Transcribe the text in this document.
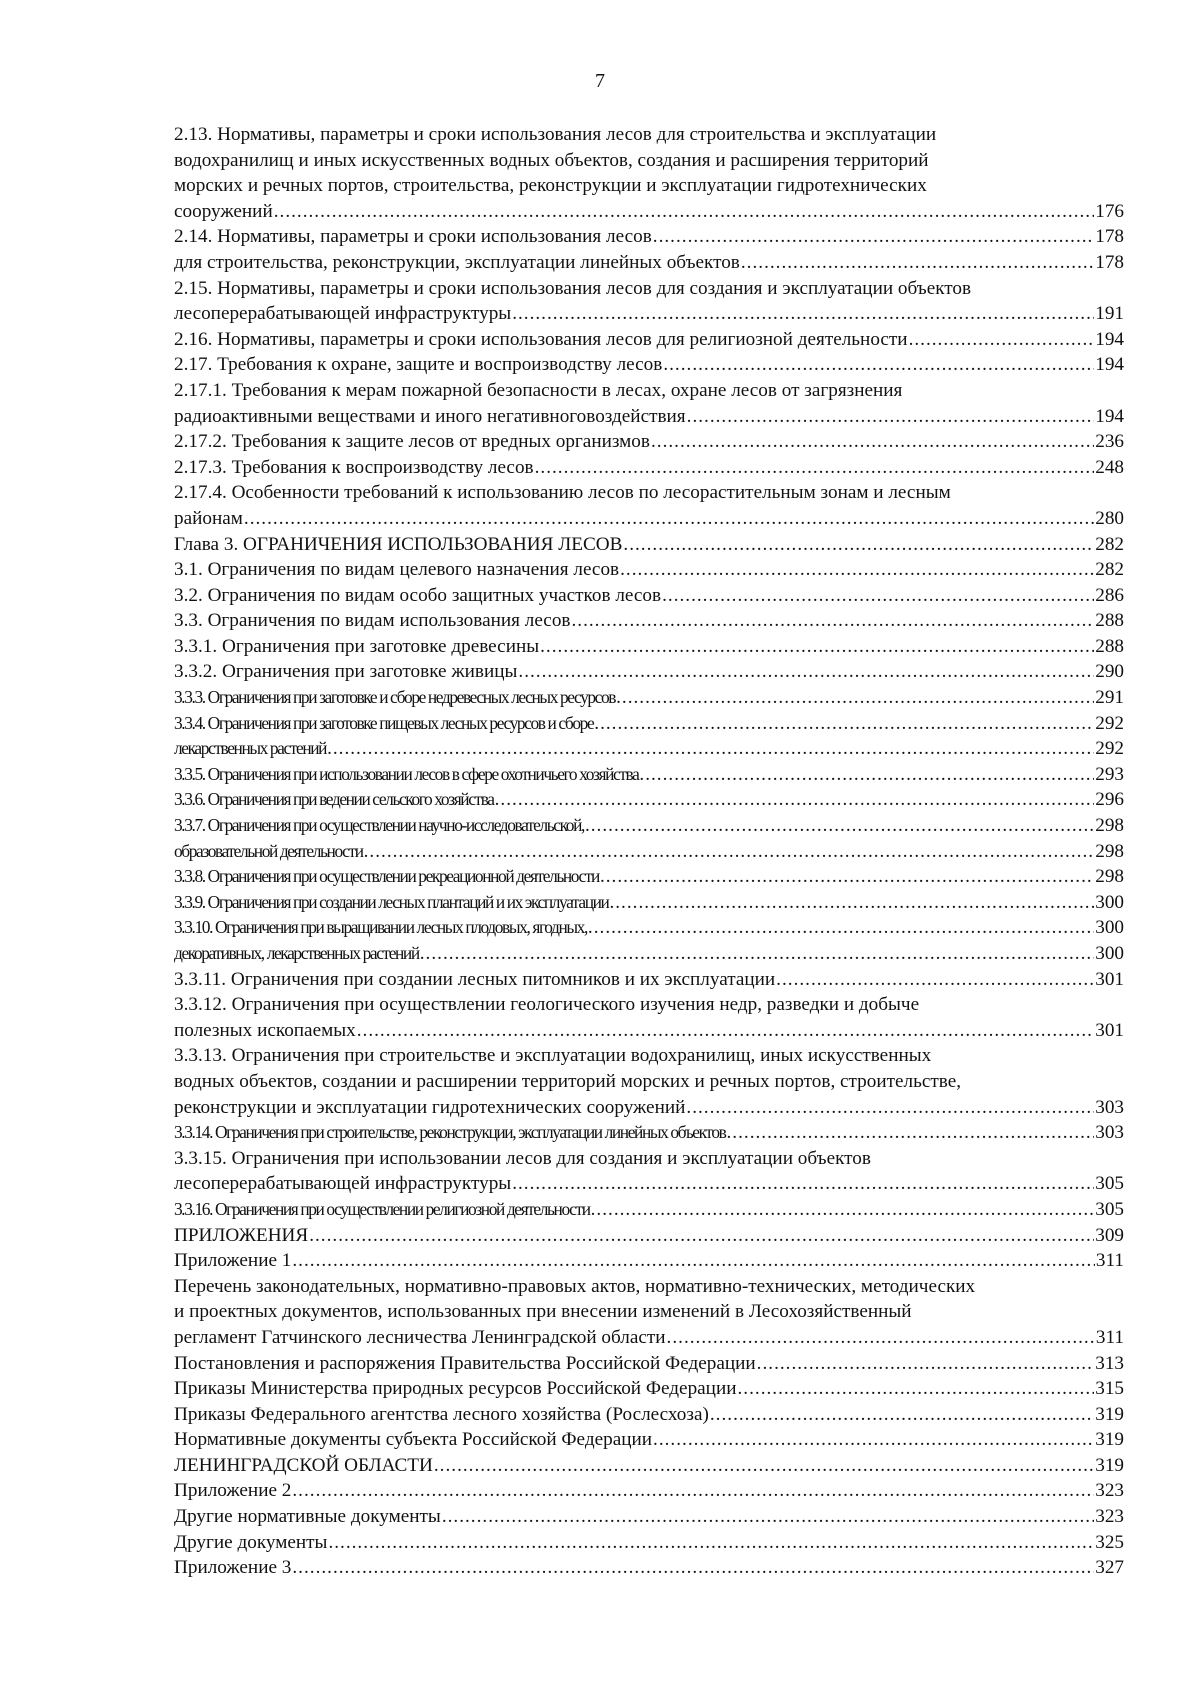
7
2.13. Нормативы, параметры и сроки использования лесов для строительства и эксплуатации
водохранилищ и иных искусственных водных объектов, создания и расширения территорий
морских и речных портов, строительства, реконструкции и эксплуатации гидротехнических
сооружений .....	176
2.14. Нормативы, параметры и сроки использования лесов .....	178
для строительства, реконструкции, эксплуатации линейных объектов .....	178
2.15. Нормативы, параметры и сроки использования лесов для создания и эксплуатации объектов
лесоперерабатывающей инфраструктуры .....	191
2.16. Нормативы, параметры и сроки использования лесов для религиозной деятельности .....	194
2.17. Требования к охране, защите и воспроизводству лесов .....	194
2.17.1. Требования к мерам пожарной безопасности в лесах, охране лесов от загрязнения
радиоактивными веществами и иного негативноговоздействия .....	194
2.17.2. Требования к защите лесов от вредных организмов .....	236
2.17.3. Требования к воспроизводству лесов .....	248
2.17.4. Особенности требований к использованию лесов по лесорастительным зонам и лесным
районам .....	280
Глава 3. ОГРАНИЧЕНИЯ ИСПОЛЬЗОВАНИЯ ЛЕСОВ .....	282
3.1. Ограничения по видам целевого назначения лесов .....	282
3.2. Ограничения по видам особо защитных участков лесов .....	286
3.3. Ограничения по видам использования лесов .....	288
3.3.1. Ограничения при заготовке древесины .....	288
3.3.2. Ограничения при заготовке живицы .....	290
3.3.3. Ограничения при заготовке и сборе недревесных лесных ресурсов .....	291
3.3.4. Ограничения при заготовке пищевых лесных ресурсов и сборе .....	292
лекарственных растений .....	292
3.3.5. Ограничения при использовании лесов в сфере охотничьего хозяйства .....	293
3.3.6. Ограничения при ведении сельского хозяйства .....	296
3.3.7. Ограничения при осуществлении научно-исследовательской, .....	298
образовательной деятельности .....	298
3.3.8. Ограничения при осуществлении рекреационной деятельности .....	298
3.3.9. Ограничения при создании лесных плантаций и их эксплуатации .....	300
3.3.10. Ограничения при выращивании лесных плодовых, ягодных, .....	300
декоративных, лекарственных растений .....	300
3.3.11. Ограничения при создании лесных питомников и их эксплуатации .....	301
3.3.12. Ограничения при осуществлении геологического изучения недр, разведки и добыче
полезных ископаемых .....	301
3.3.13. Ограничения при строительстве и эксплуатации водохранилищ, иных искусственных
водных объектов, создании и расширении территорий морских и речных портов, строительстве,
реконструкции и эксплуатации гидротехнических сооружений .....	303
3.3.14. Ограничения при строительстве, реконструкции, эксплуатации линейных объектов .....	303
3.3.15. Ограничения при использовании лесов для создания и эксплуатации объектов
лесоперерабатывающей инфраструктуры .....	305
3.3.16. Ограничения при осуществлении религиозной деятельности .....	305
ПРИЛОЖЕНИЯ .....	309
Приложение 1 .....	311
Перечень законодательных, нормативно-правовых актов, нормативно-технических, методических
и проектных документов, использованных при внесении изменений в Лесохозяйственный
регламент Гатчинского лесничества Ленинградской области .....	311
Постановления и распоряжения Правительства Российской Федерации .....	313
Приказы Министерства природных ресурсов Российской Федерации .....	315
Приказы Федерального агентства лесного хозяйства (Рослесхоза) .....	319
Нормативные документы субъекта Российской Федерации .....	319
ЛЕНИНГРАДСКОЙ ОБЛАСТИ .....	319
Приложение 2 .....	323
Другие нормативные документы .....	323
Другие документы .....	325
Приложение 3 .....	327
